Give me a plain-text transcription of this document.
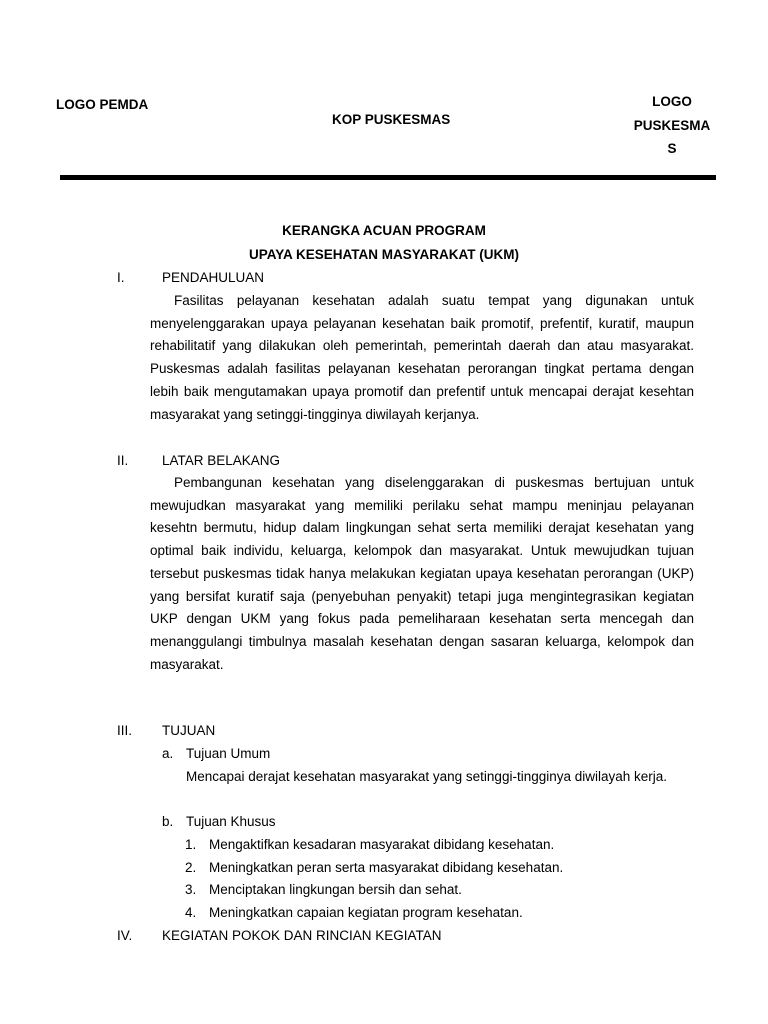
LOGO PEMDA
KOP PUSKESMAS
LOGO
PUSKESMA
S
KERANGKA ACUAN PROGRAM
UPAYA KESEHATAN MASYARAKAT (UKM)
I.	PENDAHULUAN

Fasilitas pelayanan kesehatan adalah suatu tempat yang digunakan untuk menyelenggarakan upaya pelayanan kesehatan baik promotif, prefentif, kuratif, maupun rehabilitatif yang dilakukan oleh pemerintah, pemerintah daerah dan atau masyarakat. Puskesmas adalah fasilitas pelayanan kesehatan perorangan tingkat pertama dengan lebih baik mengutamakan upaya promotif dan prefentif untuk mencapai derajat kesehtan masyarakat yang setinggi-tingginya diwilayah kerjanya.

II. LATAR BELAKANG

Pembangunan kesehatan yang diselenggarakan di puskesmas bertujuan untuk mewujudkan masyarakat yang memiliki perilaku sehat mampu meninjau pelayanan kesehtn bermutu, hidup dalam lingkungan sehat serta memiliki derajat kesehatan yang optimal baik individu, keluarga, kelompok dan masyarakat. Untuk mewujudkan tujuan tersebut puskesmas tidak hanya melakukan kegiatan upaya kesehatan perorangan (UKP) yang bersifat kuratif saja (penyebuhan penyakit) tetapi juga mengintegrasikan kegiatan UKP dengan UKM yang fokus pada pemeliharaan kesehatan serta mencegah dan menanggulangi timbulnya masalah kesehatan dengan sasaran keluarga, kelompok dan masyarakat.

III. TUJUAN
a. Tujuan Umum

Mencapai derajat kesehatan masyarakat yang setinggi-tingginya diwilayah kerja.

b. Tujuan Khusus
1. Mengaktifkan kesadaran masyarakat dibidang kesehatan.
2. Meningkatkan peran serta masyarakat dibidang kesehatan.
3. Menciptakan lingkungan bersih dan sehat.
4. Meningkatkan capaian kegiatan program kesehatan.
IV. KEGIATAN POKOK DAN RINCIAN KEGIATAN
